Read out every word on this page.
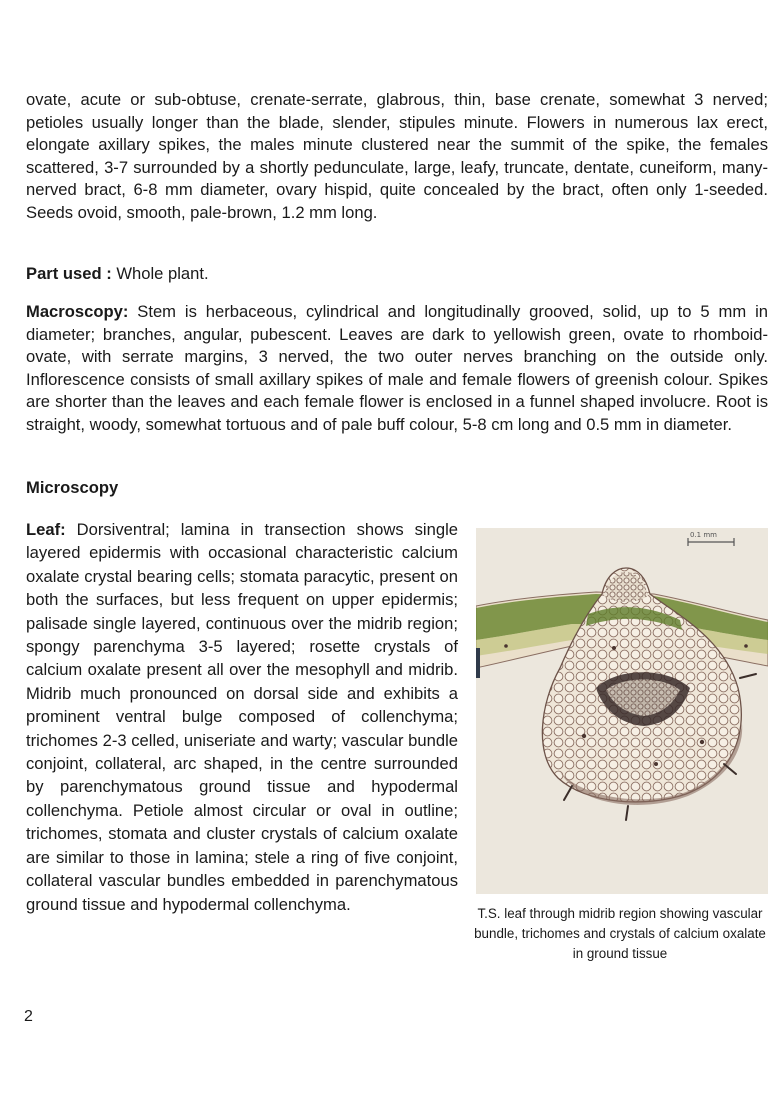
ovate, acute or sub-obtuse, crenate-serrate, glabrous, thin, base crenate, somewhat 3 nerved; petioles usually longer than the blade, slender, stipules minute. Flowers in numerous lax erect, elongate axillary spikes, the males minute clustered near the summit of the spike, the females scattered, 3-7 surrounded by a shortly pedunculate, large, leafy, truncate, dentate, cuneiform, many-nerved bract, 6-8 mm diameter, ovary hispid, quite concealed by the bract, often only 1-seeded. Seeds ovoid, smooth, pale-brown, 1.2 mm long.

Part used : Whole plant.

Macroscopy: Stem is herbaceous, cylindrical and longitudinally grooved, solid, up to 5 mm in diameter; branches, angular, pubescent. Leaves are dark to yellowish green, ovate to rhomboid-ovate, with serrate margins, 3 nerved, the two outer nerves branching on the outside only. Inflorescence consists of small axillary spikes of male and female flowers of greenish colour. Spikes are shorter than the leaves and each female flower is enclosed in a funnel shaped involucre. Root is straight, woody, somewhat tortuous and of pale buff colour, 5-8 cm long and 0.5 mm in diameter.

Microscopy

Leaf: Dorsiventral; lamina in transection shows single layered epidermis with occasional characteristic calcium oxalate crystal bearing cells; stomata paracytic, present on both the surfaces, but less frequent on upper epidermis; palisade single layered, continuous over the midrib region; spongy parenchyma 3-5 layered; rosette crystals of calcium oxalate present all over the mesophyll and midrib. Midrib much pronounced on dorsal side and exhibits a prominent ventral bulge composed of collenchyma; trichomes 2-3 celled, uniseriate and warty; vascular bundle conjoint, collateral, arc shaped, in the centre surrounded by parenchymatous ground tissue and hypodermal collenchyma. Petiole almost circular or oval in outline; trichomes, stomata and cluster crystals of calcium oxalate are similar to those in lamina; stele a ring of five conjoint, collateral vascular bundles embedded in parenchymatous ground tissue and hypodermal collenchyma.

0.1 mm

T.S. leaf through midrib region showing vascular bundle, trichomes and crystals of calcium oxalate in ground tissue

2
